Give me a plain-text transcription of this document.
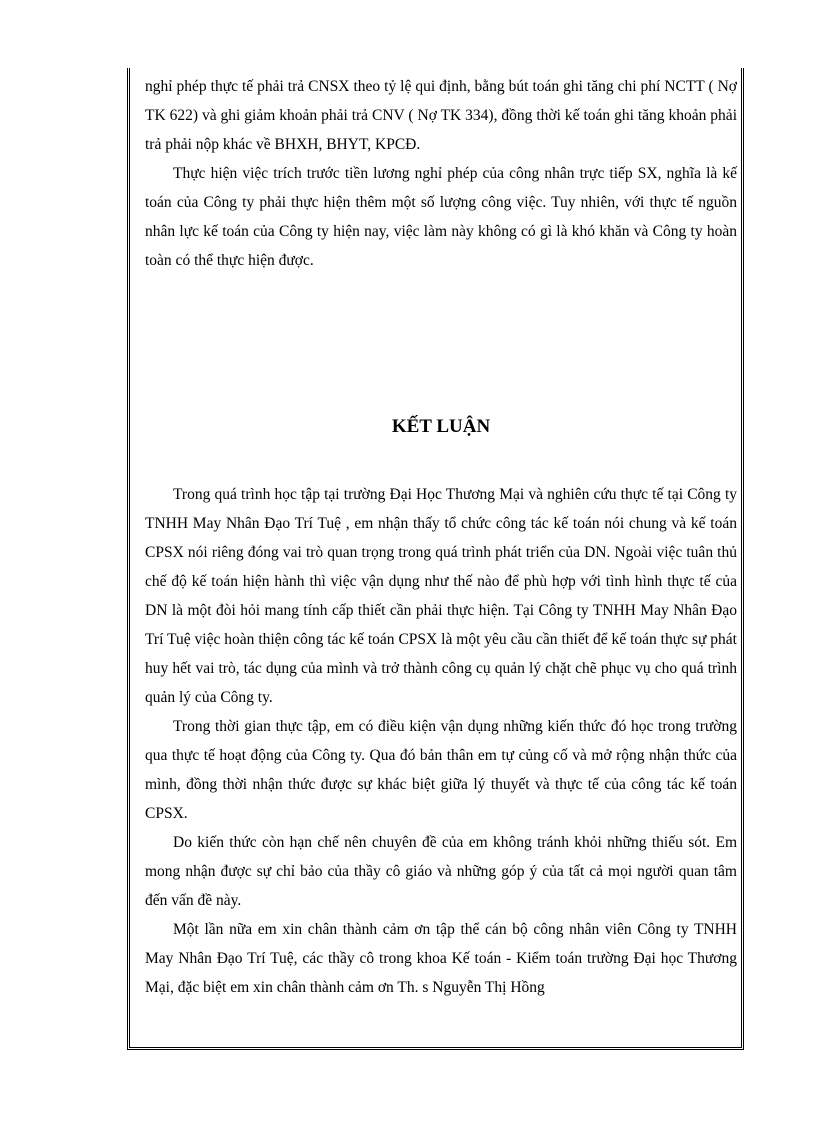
nghỉ phép thực tế phải trả CNSX theo tỷ lệ qui định, bằng bút toán ghi tăng chi phí NCTT ( Nợ TK 622) và ghi giảm khoản phải trả CNV ( Nợ TK 334), đồng thời kế toán ghi tăng khoản phải trả phải nộp khác về BHXH, BHYT, KPCĐ.

Thực hiện việc trích trước tiền lương nghỉ phép của công nhân trực tiếp SX, nghĩa là kế toán của Công ty phải thực hiện thêm một số lượng công việc. Tuy nhiên, với thực tế nguồn nhân lực kế toán của Công ty hiện nay, việc làm này không có gì là khó khăn và Công ty hoàn toàn có thể thực hiện được.

KẾT LUẬN

Trong quá trình học tập tại trường Đại Học Thương Mại và nghiên cứu thực tế tại Công ty TNHH May Nhân Đạo Trí Tuệ , em nhận thấy tổ chức công tác kế toán nói chung và kế toán CPSX nói riêng đóng vai trò quan trọng trong quá trình phát triển của DN. Ngoài việc tuân thủ chế độ kế toán hiện hành thì việc vận dụng như thế nào để phù hợp với tình hình thực tế của DN là một đòi hỏi mang tính cấp thiết cần phải thực hiện. Tại Công ty TNHH May Nhân Đạo Trí Tuệ việc hoàn thiện công tác kế toán CPSX là một yêu cầu cần thiết để kế toán thực sự phát huy hết vai trò, tác dụng của mình và trở thành công cụ quản lý chặt chẽ phục vụ cho quá trình quản lý của Công ty.

Trong thời gian thực tập, em có điều kiện vận dụng những kiến thức đó học trong trường qua thực tế hoạt động của Công ty. Qua đó bản thân em tự củng cố và mở rộng nhận thức của mình, đồng thời nhận thức được sự khác biệt giữa lý thuyết và thực tế của công tác kế toán CPSX.

Do kiến thức còn hạn chế nên chuyên đề của em không tránh khỏi những thiếu sót. Em mong nhận được sự chỉ bảo của thầy cô giáo và những góp ý của tất cả mọi người quan tâm đến vấn đề này.

Một lần nữa em xin chân thành cảm ơn tập thể cán bộ công nhân viên Công ty TNHH May Nhân Đạo Trí Tuệ, các thầy cô trong khoa Kế toán - Kiểm toán trường Đại học Thương Mại, đặc biệt em xin chân thành cảm ơn Th. s Nguyễn Thị Hồng
